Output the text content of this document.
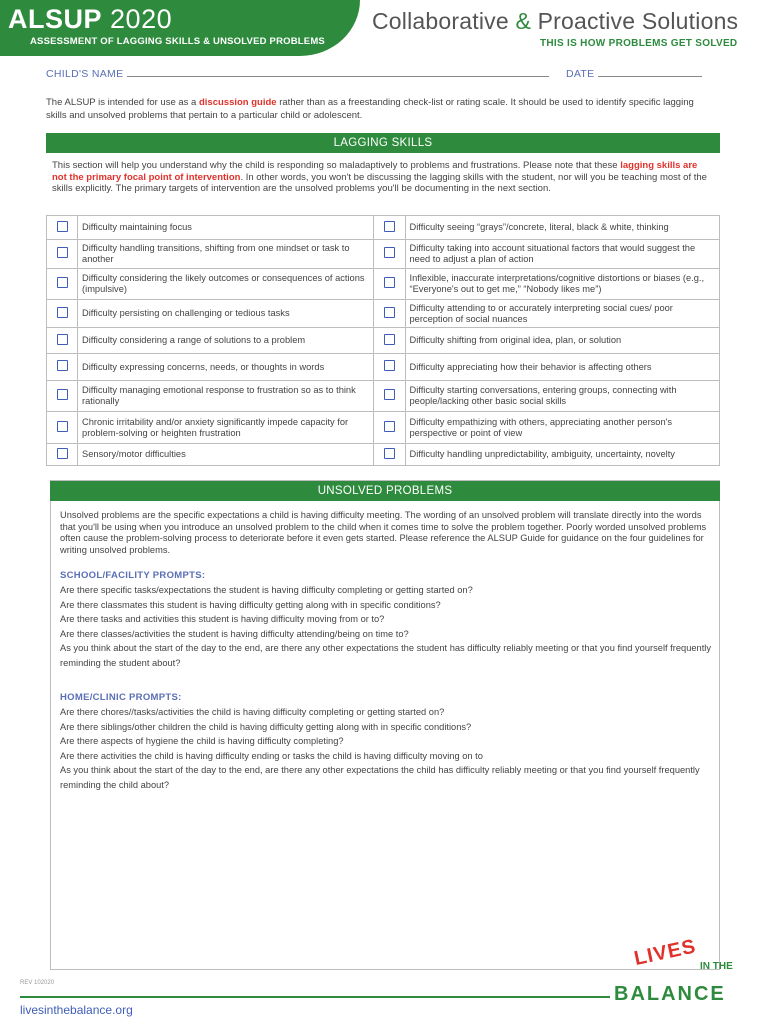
ALSUP 2020
ASSESSMENT OF LAGGING SKILLS & UNSOLVED PROBLEMS
Collaborative & Proactive Solutions
THIS IS HOW PROBLEMS GET SOLVED
CHILD'S NAME	DATE
The ALSUP is intended for use as a discussion guide rather than as a freestanding check-list or rating scale. It should be used to identify specific lagging skills and unsolved problems that pertain to a particular child or adolescent.
LAGGING SKILLS
This section will help you understand why the child is responding so maladaptively to problems and frustrations. Please note that these lagging skills are not the primary focal point of intervention. In other words, you won't be discussing the lagging skills with the student, nor will you be teaching most of the skills explicitly. The primary targets of intervention are the unsolved problems you'll be documenting in the next section.
	Difficulty maintaining focus		Difficulty seeing “grays”/concrete, literal, black & white, thinking
	Difficulty handling transitions, shifting from one mindset or task to another		Difficulty taking into account situational factors that would suggest the need to adjust a plan of action
	Difficulty considering the likely outcomes or consequences of actions (impulsive)		Inflexible, inaccurate interpretations/cognitive distortions or biases (e.g., “Everyone's out to get me,” “Nobody likes me”)
	Difficulty persisting on challenging or tedious tasks		Difficulty attending to or accurately interpreting social cues/ poor perception of social nuances
	Difficulty considering a range of solutions to a problem		Difficulty shifting from original idea, plan, or solution
	Difficulty expressing concerns, needs, or thoughts in words		Difficulty appreciating how their behavior is affecting others
	Difficulty managing emotional response to frustration so as to think rationally		Difficulty starting conversations, entering groups, connecting with people/lacking other basic social skills
	Chronic irritability and/or anxiety significantly impede capacity for problem-solving or heighten frustration		Difficulty empathizing with others, appreciating another person's perspective or point of view
	Sensory/motor difficulties		Difficulty handling unpredictability, ambiguity, uncertainty, novelty
UNSOLVED PROBLEMS
Unsolved problems are the specific expectations a child is having difficulty meeting. The wording of an unsolved problem will translate directly into the words that you'll be using when you introduce an unsolved problem to the child when it comes time to solve the problem together. Poorly worded unsolved problems often cause the problem-solving process to deteriorate before it even gets started. Please reference the ALSUP Guide for guidance on the four guidelines for writing unsolved problems.
SCHOOL/FACILITY PROMPTS:
Are there specific tasks/expectations the student is having difficulty completing or getting started on?
Are there classmates this student is having difficulty getting along with in specific conditions?
Are there tasks and activities this student is having difficulty moving from or to?
Are there classes/activities the student is having difficulty attending/being on time to?
As you think about the start of the day to the end, are there any other expectations the student has difficulty reliably meeting or that you find yourself frequently reminding the student about?
HOME/CLINIC PROMPTS:
Are there chores//tasks/activities the child is having difficulty completing or getting started on?
Are there siblings/other children the child is having difficulty getting along with in specific conditions?
Are there aspects of hygiene the child is having difficulty completing?
Are there activities the child is having difficulty ending or tasks the child is having difficulty moving on to
As you think about the start of the day to the end, are there any other expectations the child has difficulty reliably meeting or that you find yourself frequently reminding the child about?
REV 102020
livesinthebalance.org
LIVES IN THE
BALANCE
